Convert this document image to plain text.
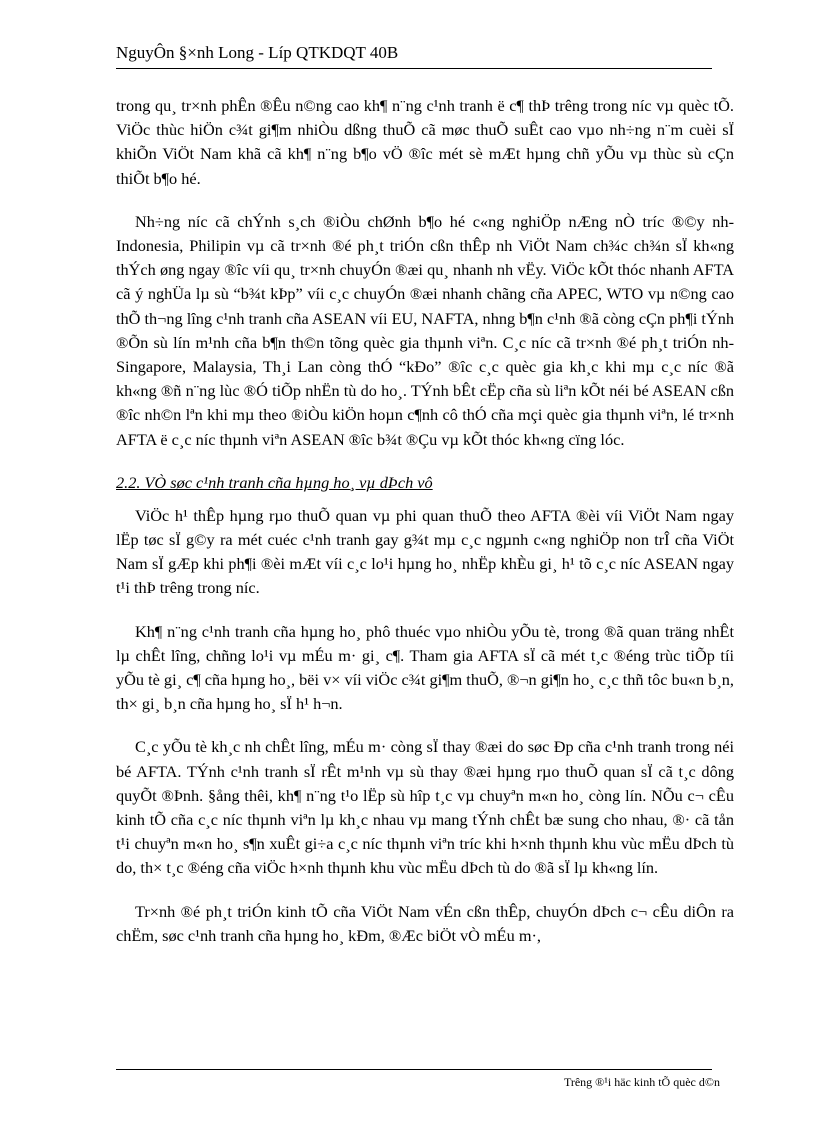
NguyÔn §×nh Long - Líp QTKDQT 40B

trong qu¸ tr×nh phÊn ®Êu n©ng cao kh¶ n¨ng c¹nh tranh ë c¶ thÞ trêng trong níc vµ quèc tÕ. ViÖc thùc hiÖn c¾t gi¶m nhiÒu dßng thuÕ cã møc thuÕ suÊt cao vµo nh÷ng n¨m cuèi sÏ khiÕn ViÖt Nam khã cã kh¶ n¨ng b¶o vÖ ®îc mét sè mÆt hµng chñ yÕu vµ thùc sù cÇn thiÕt b¶o hé.

Nh÷ng níc cã chÝnh s¸ch ®iÒu chØnh b¶o hé c«ng nghiÖp nÆng nÒ tríc ®©y nh Indonesia, Philipin vµ cã tr×nh ®é ph¸t triÓn cßn thÊp nh ViÖt Nam ch¾c ch¾n sÏ kh«ng thÝch øng ngay ®îc víi qu¸ tr×nh chuyÓn ®æi qu¸ nhanh nh vËy. ViÖc kÕt thóc nhanh AFTA cã ý nghÜa lµ sù “b¾t kÞp” víi c¸c chuyÓn ®æi nhanh chãng cña APEC, WTO vµ n©ng cao thÕ th¬ng lîng c¹nh tranh cña ASEAN víi EU, NAFTA, nhng b¶n c¹nh ®ã còng cÇn ph¶i tÝnh ®Õn sù lín m¹nh cña b¶n th©n tõng quèc gia thµnh viªn. C¸c níc cã tr×nh ®é ph¸t triÓn nh Singapore, Malaysia, Th¸i Lan còng thÓ “kÐo” ®îc c¸c quèc gia kh¸c khi mµ c¸c níc ®ã kh«ng ®ñ n¨ng lùc ®Ó tiÕp nhËn tù do ho¸. TÝnh bÊt cËp cña sù liªn kÕt néi bé ASEAN cßn ®îc nh©n lªn khi mµ theo ®iÒu kiÖn hoµn c¶nh cô thÓ cña mçi quèc gia thµnh viªn, lé tr×nh AFTA ë c¸c níc thµnh viªn ASEAN ®îc b¾t ®Çu vµ kÕt thóc kh«ng cïng lóc.

2.2. VÒ søc c¹nh tranh cña hµng ho¸ vµ dÞch vô

ViÖc h¹ thÊp hµng rµo thuÕ quan vµ phi quan thuÕ theo AFTA ®èi víi ViÖt Nam ngay lËp tøc sÏ g©y ra mét cuéc c¹nh tranh gay g¾t mµ c¸c ngµnh c«ng nghiÖp non trÎ cña ViÖt Nam sÏ gÆp khi ph¶i ®èi mÆt víi c¸c lo¹i hµng ho¸ nhËp khÈu gi¸ h¹ tõ c¸c níc ASEAN ngay t¹i thÞ trêng trong níc.

Kh¶ n¨ng c¹nh tranh cña hµng ho¸ phô thuéc vµo nhiÒu yÕu tè, trong ®ã quan träng nhÊt lµ chÊt lîng, chñng lo¹i vµ mÉu m· gi¸ c¶. Tham gia AFTA sÏ cã mét t¸c ®éng trùc tiÕp tíi yÕu tè gi¸ c¶ cña hµng ho¸, bëi v× víi viÖc c¾t gi¶m thuÕ, ®¬n gi¶n ho¸ c¸c thñ tôc bu«n b¸n, th× gi¸ b¸n cña hµng ho¸ sÏ h¹ h¬n.

C¸c yÕu tè kh¸c nh chÊt lîng, mÉu m· còng sÏ thay ®æi do søc Ðp cña c¹nh tranh trong néi bé AFTA. TÝnh c¹nh tranh sÏ rÊt m¹nh vµ sù thay ®æi hµng rµo thuÕ quan sÏ cã t¸c dông quyÕt ®Þnh. §ång thêi, kh¶ n¨ng t¹o lËp sù hîp t¸c vµ chuyªn m«n ho¸ còng lín. NÕu c¬ cÊu kinh tÕ cña c¸c níc thµnh viªn lµ kh¸c nhau vµ mang tÝnh chÊt bæ sung cho nhau, ®· cã tån t¹i chuyªn m«n ho¸ s¶n xuÊt gi÷a c¸c níc thµnh viªn tríc khi h×nh thµnh khu vùc mËu dÞch tù do, th× t¸c ®éng cña viÖc h×nh thµnh khu vùc mËu dÞch tù do ®ã sÏ lµ kh«ng lín.

Tr×nh ®é ph¸t triÓn kinh tÕ cña ViÖt Nam vÉn cßn thÊp, chuyÓn dÞch c¬ cÊu diÔn ra chËm, søc c¹nh tranh cña hµng ho¸ kÐm, ®Æc biÖt vÒ mÉu m·,

Trêng ®¹i häc kinh tÕ quèc d©n
